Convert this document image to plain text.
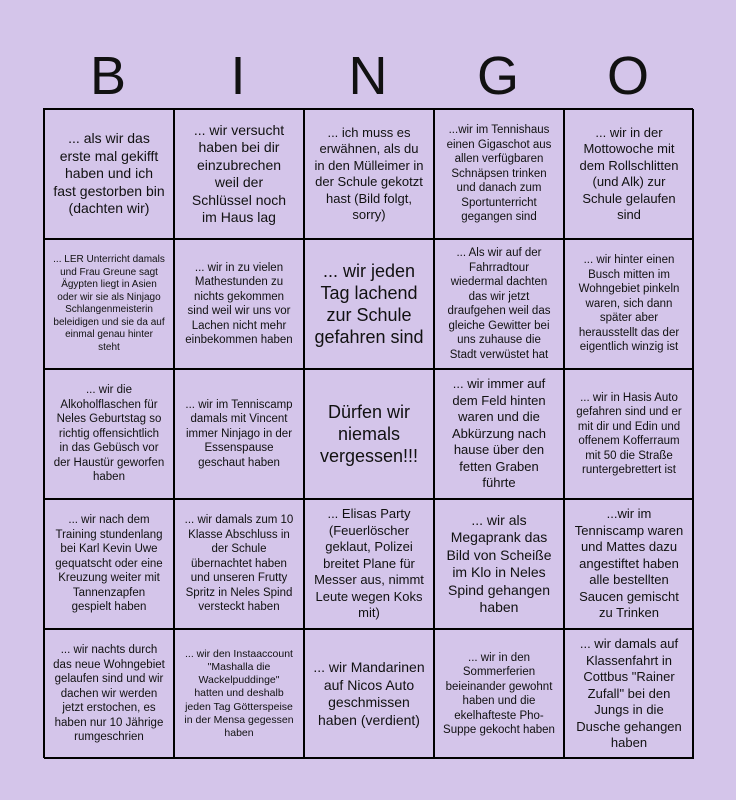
B	I	N	G	O
... als wir das erste mal gekifft haben und ich fast gestorben bin (dachten wir)
... wir versucht haben bei dir einzubrechen weil der Schlüssel noch im Haus lag
... ich muss es erwähnen, als du in den Mülleimer in der Schule gekotzt hast (Bild folgt, sorry)
...wir im Tennishaus einen Gigaschot aus allen verfügbaren Schnäpsen trinken und danach zum Sportunterricht gegangen sind
... wir in der Mottowoche mit dem Rollschlitten (und Alk) zur Schule gelaufen sind
... LER Unterricht damals und Frau Greune sagt Ägypten liegt in Asien oder wir sie als Ninjago Schlangenmeisterin beleidigen und sie da auf einmal genau hinter steht
... wir in zu vielen Mathestunden zu nichts gekommen sind weil wir uns vor Lachen nicht mehr einbekommen haben
... wir jeden Tag lachend zur Schule gefahren sind
... Als wir auf der Fahrradtour wiedermal dachten das wir jetzt draufgehen weil das gleiche Gewitter bei uns zuhause die Stadt verwüstet hat
... wir hinter einen Busch mitten im Wohngebiet pinkeln waren, sich dann später aber herausstellt das der eigentlich winzig ist
... wir die Alkoholflaschen für Neles Geburtstag so richtig offensichtlich in das Gebüsch vor der Haustür geworfen haben
... wir im Tenniscamp damals mit Vincent immer Ninjago in der Essenspause geschaut haben
Dürfen wir niemals vergessen!!!
... wir immer auf dem Feld hinten waren und die Abkürzung nach hause über den fetten Graben führte
... wir in Hasis Auto gefahren sind und er mit dir und Edin und offenem Kofferraum mit 50 die Straße runtergebrettert ist
... wir nach dem Training stundenlang bei Karl Kevin Uwe gequatscht oder eine Kreuzung weiter mit Tannenzapfen gespielt haben
... wir damals zum 10 Klasse Abschluss in der Schule übernachtet haben und unseren Frutty Spritz in Neles Spind versteckt haben
... Elisas Party (Feuerlöscher geklaut, Polizei breitet Plane für Messer aus, nimmt Leute wegen Koks mit)
... wir als Megaprank das Bild von Scheiße im Klo in Neles Spind gehangen haben
...wir im Tenniscamp waren und Mattes dazu angestiftet haben alle bestellten Saucen gemischt zu Trinken
... wir nachts durch das neue Wohngebiet gelaufen sind und wir dachen wir werden jetzt erstochen, es haben nur 10 Jährige rumgeschrien
... wir den Instaaccount "Mashalla die Wackelpuddinge" hatten und deshalb jeden Tag Götterspeise in der Mensa gegessen haben
... wir Mandarinen auf Nicos Auto geschmissen haben (verdient)
... wir in den Sommerferien beieinander gewohnt haben und die ekelhafteste Pho- Suppe gekocht haben
... wir damals auf Klassenfahrt in Cottbus "Rainer Zufall" bei den Jungs in die Dusche gehangen haben
